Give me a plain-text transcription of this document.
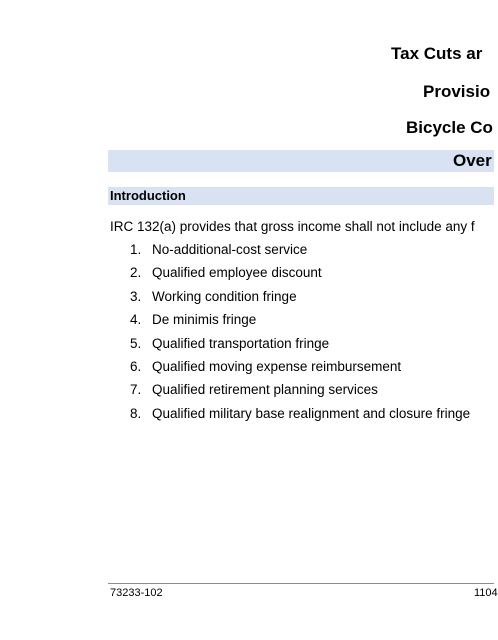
Tax Cuts ar
Provisio
Bicycle Co
Over
Introduction
IRC 132(a) provides that gross income shall not include any f
1. No-additional-cost service
2. Qualified employee discount
3. Working condition fringe
4. De minimis fringe
5. Qualified transportation fringe
6. Qualified moving expense reimbursement
7. Qualified retirement planning services
8. Qualified military base realignment and closure fringe
73233-102	1104
